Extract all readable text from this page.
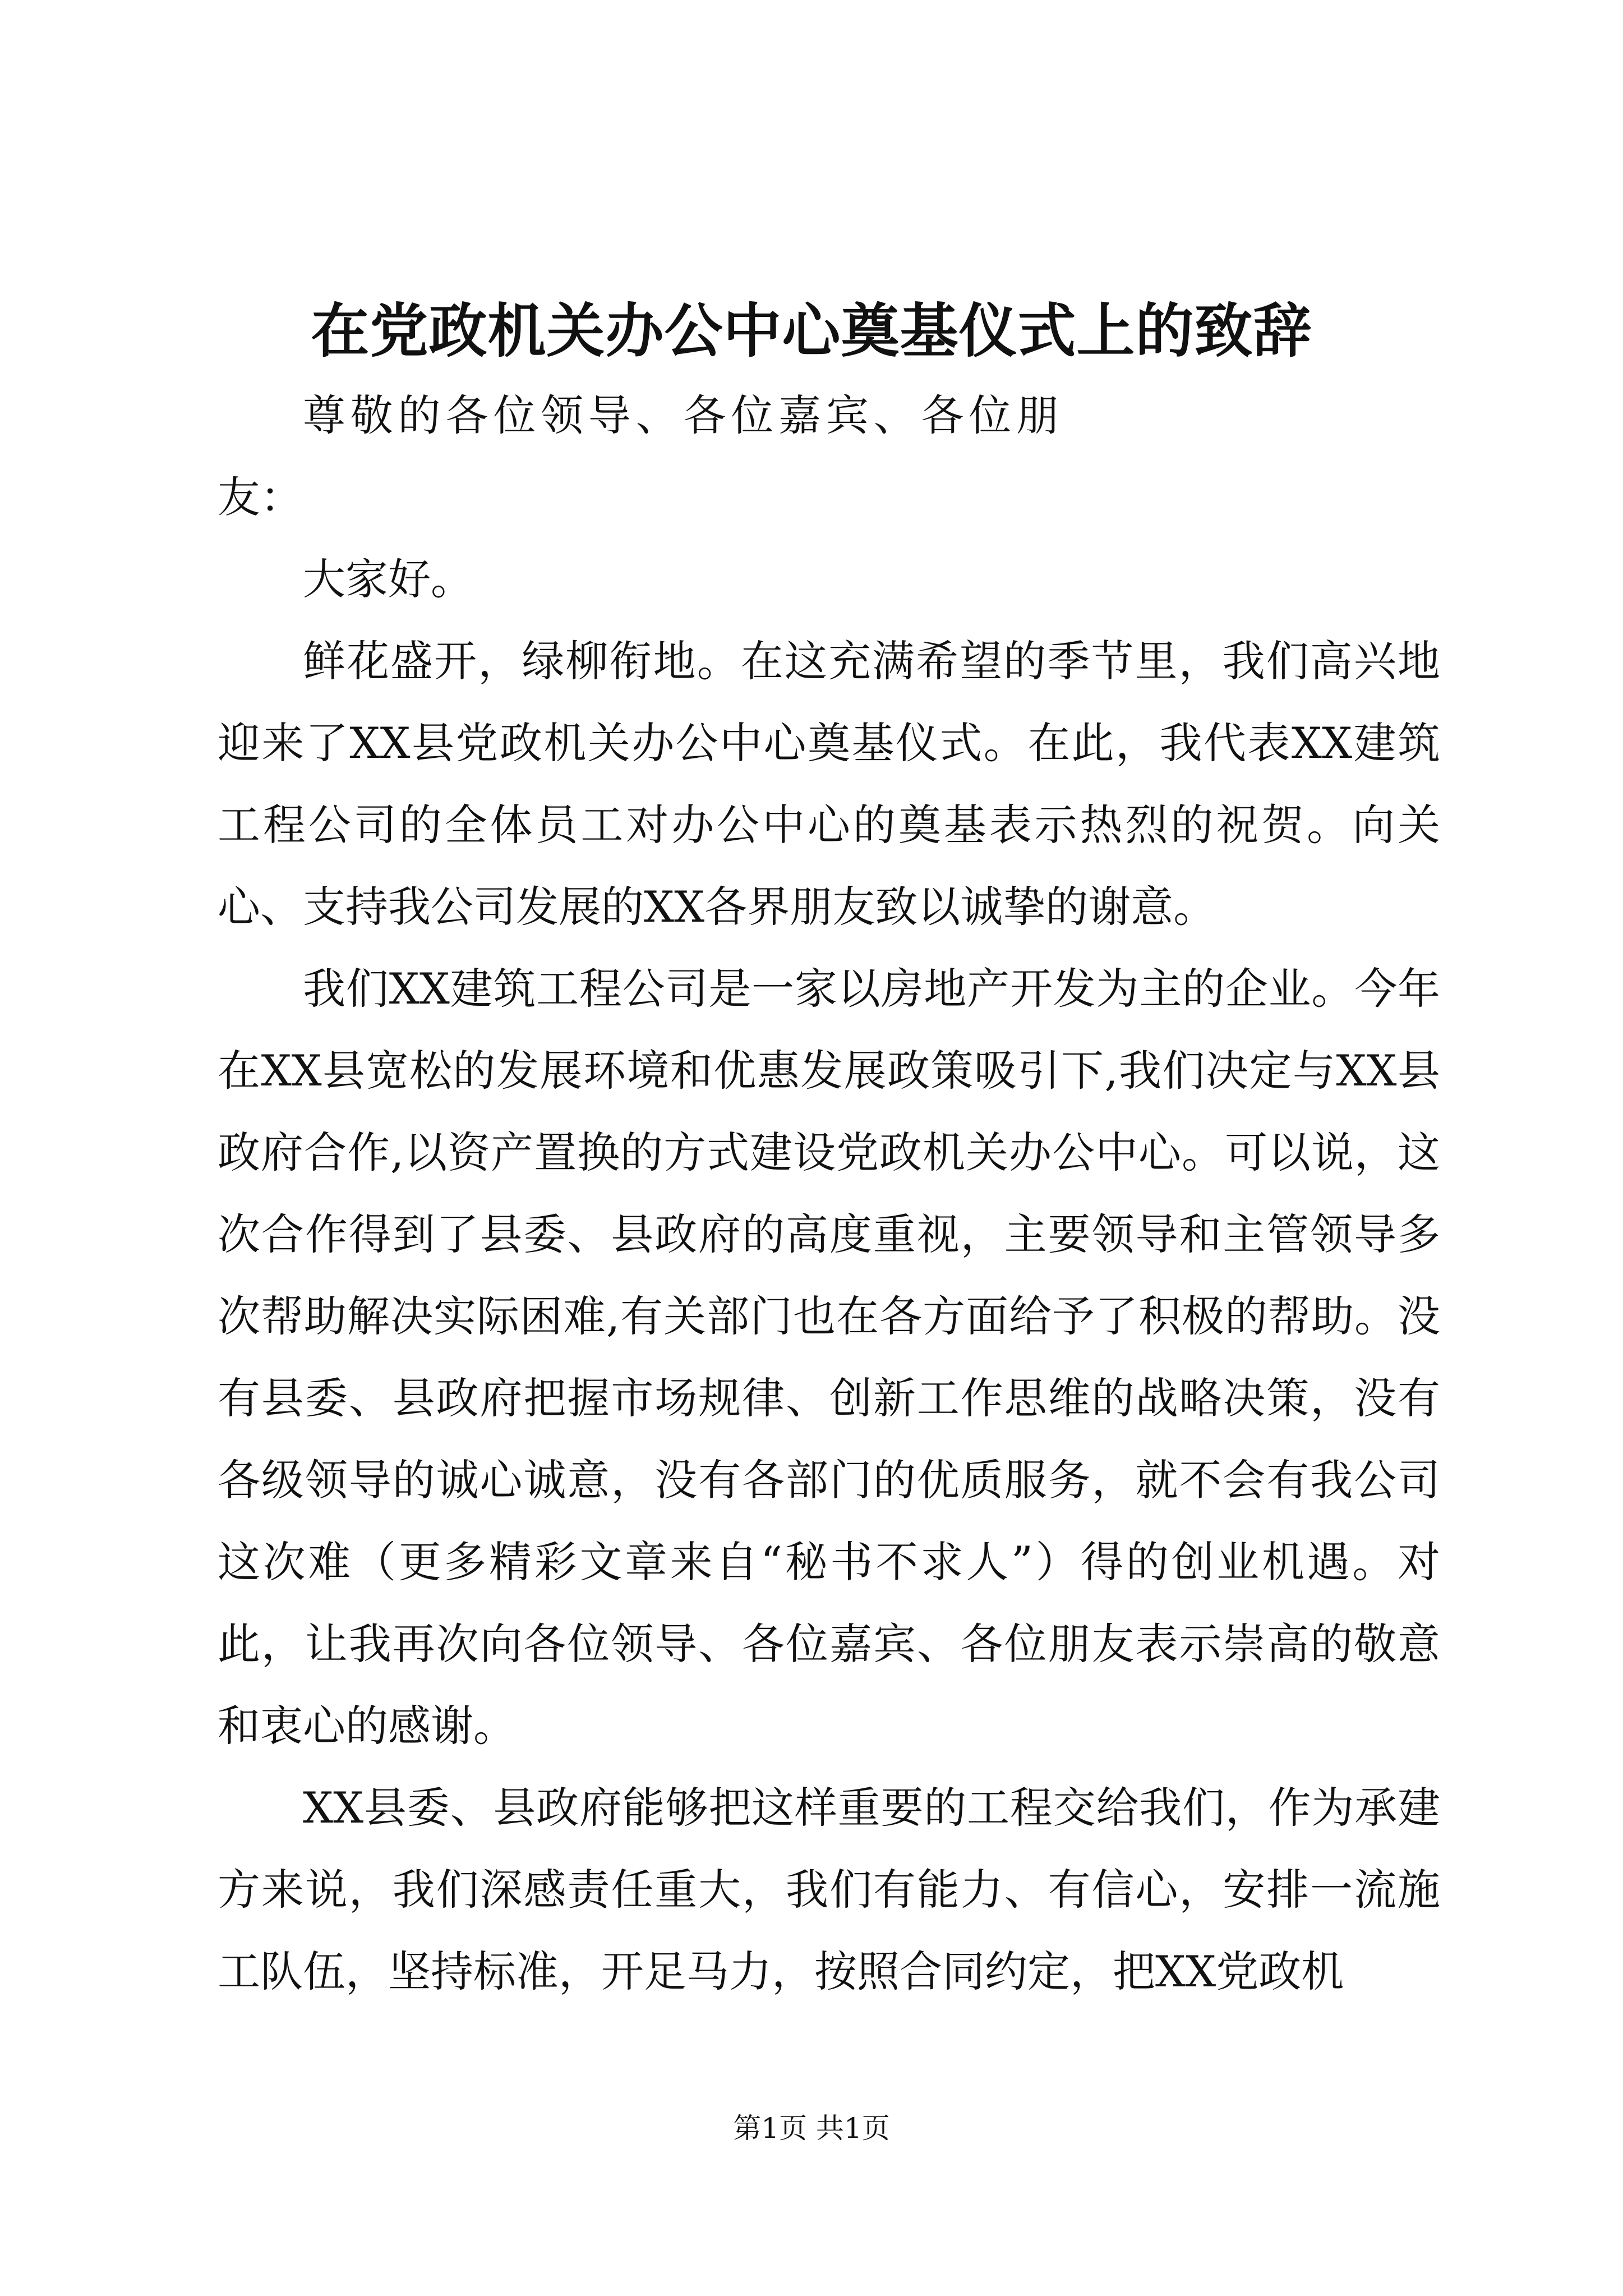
在党政机关办公中心奠基仪式上的致辞

尊敬的各位领导、各位嘉宾、各位朋友：

大家好。

鲜花盛开，绿柳衔地。在这充满希望的季节里，我们高兴地迎来了XX县党政机关办公中心奠基仪式。在此，我代表XX建筑工程公司的全体员工对办公中心的奠基表示热烈的祝贺。向关心、支持我公司发展的XX各界朋友致以诚挚的谢意。

我们XX建筑工程公司是一家以房地产开发为主的企业。今年在XX县宽松的发展环境和优惠发展政策吸引下,我们决定与XX县政府合作,以资产置换的方式建设党政机关办公中心。可以说，这次合作得到了县委、县政府的高度重视，主要领导和主管领导多次帮助解决实际困难,有关部门也在各方面给予了积极的帮助。没有县委、县政府把握市场规律、创新工作思维的战略决策，没有各级领导的诚心诚意，没有各部门的优质服务，就不会有我公司这次难（更多精彩文章来自“秘书不求人”）得的创业机遇。对此，让我再次向各位领导、各位嘉宾、各位朋友表示崇高的敬意和衷心的感谢。

XX县委、县政府能够把这样重要的工程交给我们，作为承建方来说，我们深感责任重大，我们有能力、有信心，安排一流施工队伍，坚持标准，开足马力，按照合同约定，把XX党政机

第1页 共1页
